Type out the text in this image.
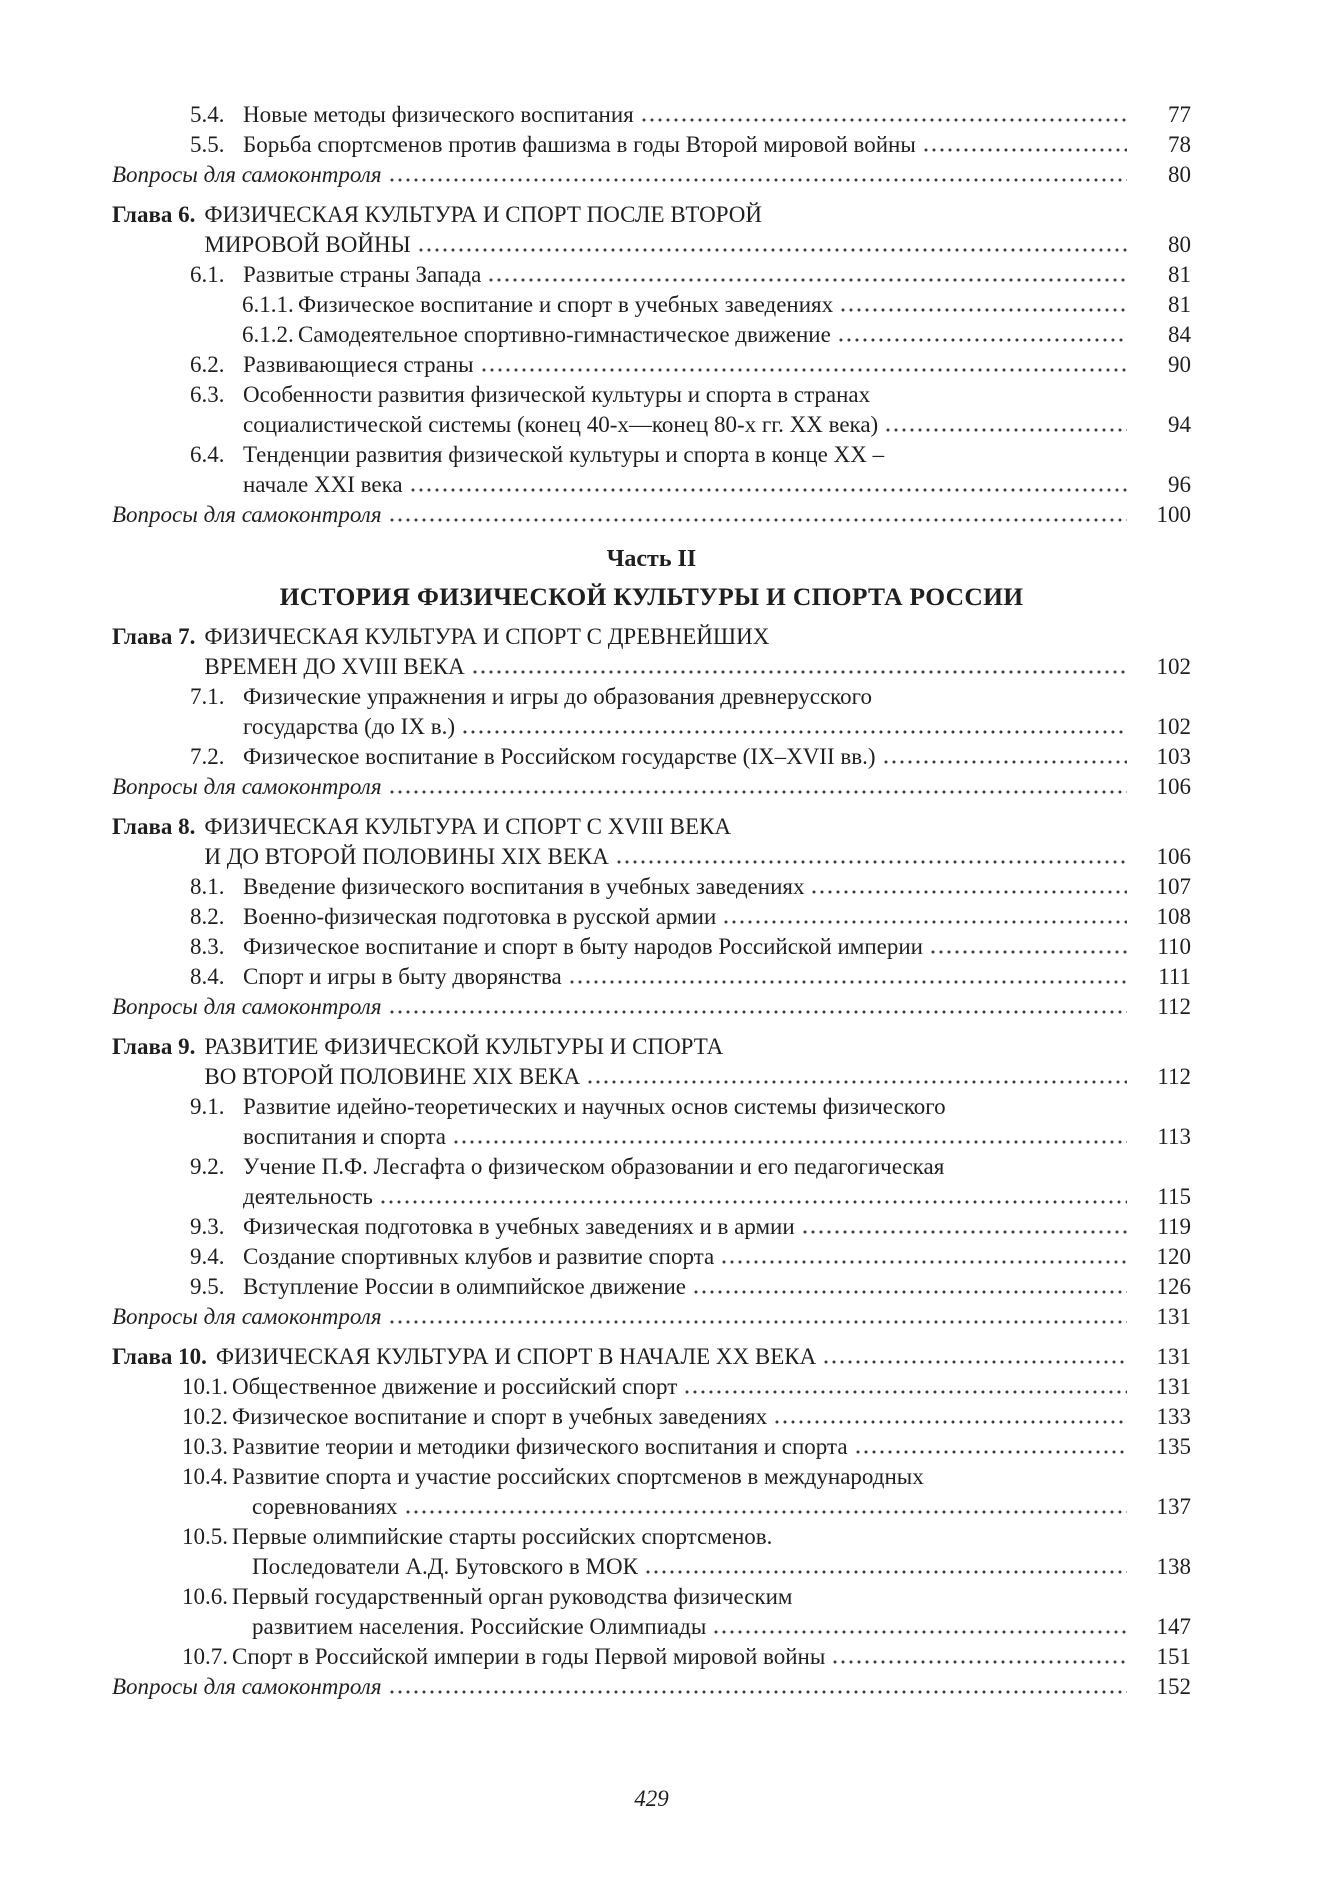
5.4. Новые методы физического воспитания	77
5.5. Борьба спортсменов против фашизма в годы Второй мировой войны	78
Вопросы для самоконтроля	80
Глава 6. ФИЗИЧЕСКАЯ КУЛЬТУРА И СПОРТ ПОСЛЕ ВТОРОЙ
МИРОВОЙ ВОЙНЫ	80
6.1. Развитые страны Запада	81
6.1.1. Физическое воспитание и спорт в учебных заведениях	81
6.1.2. Самодеятельное спортивно-гимнастическое движение	84
6.2. Развивающиеся страны	90
6.3. Особенности развития физической культуры и спорта в странах
социалистической системы (конец 40-х—конец 80-х гг. XX века)	94
6.4. Тенденции развития физической культуры и спорта в конце XX –
начале XXI века	96
Вопросы для самоконтроля	100
Часть II
ИСТОРИЯ ФИЗИЧЕСКОЙ КУЛЬТУРЫ И СПОРТА РОССИИ
Глава 7. ФИЗИЧЕСКАЯ КУЛЬТУРА И СПОРТ С ДРЕВНЕЙШИХ
ВРЕМЕН ДО XVIII ВЕКА	102
7.1. Физические упражнения и игры до образования древнерусского
государства (до IX в.)	102
7.2. Физическое воспитание в Российском государстве (IX–XVII вв.)	103
Вопросы для самоконтроля	106
Глава 8. ФИЗИЧЕСКАЯ КУЛЬТУРА И СПОРТ С XVIII ВЕКА
И ДО ВТОРОЙ ПОЛОВИНЫ XIX ВЕКА	106
8.1. Введение физического воспитания в учебных заведениях	107
8.2. Военно-физическая подготовка в русской армии	108
8.3. Физическое воспитание и спорт в быту народов Российской империи	110
8.4. Спорт и игры в быту дворянства	111
Вопросы для самоконтроля	112
Глава 9. РАЗВИТИЕ ФИЗИЧЕСКОЙ КУЛЬТУРЫ И СПОРТА
ВО ВТОРОЙ ПОЛОВИНЕ XIX ВЕКА	112
9.1. Развитие идейно-теоретических и научных основ системы физического
воспитания и спорта	113
9.2. Учение П.Ф. Лесгафта о физическом образовании и его педагогическая
деятельность	115
9.3. Физическая подготовка в учебных заведениях и в армии	119
9.4. Создание спортивных клубов и развитие спорта	120
9.5. Вступление России в олимпийское движение	126
Вопросы для самоконтроля	131
Глава 10. ФИЗИЧЕСКАЯ КУЛЬТУРА И СПОРТ В НАЧАЛЕ XX ВЕКА	131
10.1. Общественное движение и российский спорт	131
10.2. Физическое воспитание и спорт в учебных заведениях	133
10.3. Развитие теории и методики физического воспитания и спорта	135
10.4. Развитие спорта и участие российских спортсменов в международных
соревнованиях	137
10.5. Первые олимпийские старты российских спортсменов.
Последователи А.Д. Бутовского в МОК	138
10.6. Первый государственный орган руководства физическим
развитием населения. Российские Олимпиады	147
10.7. Спорт в Российской империи в годы Первой мировой войны	151
Вопросы для самоконтроля	152
429
